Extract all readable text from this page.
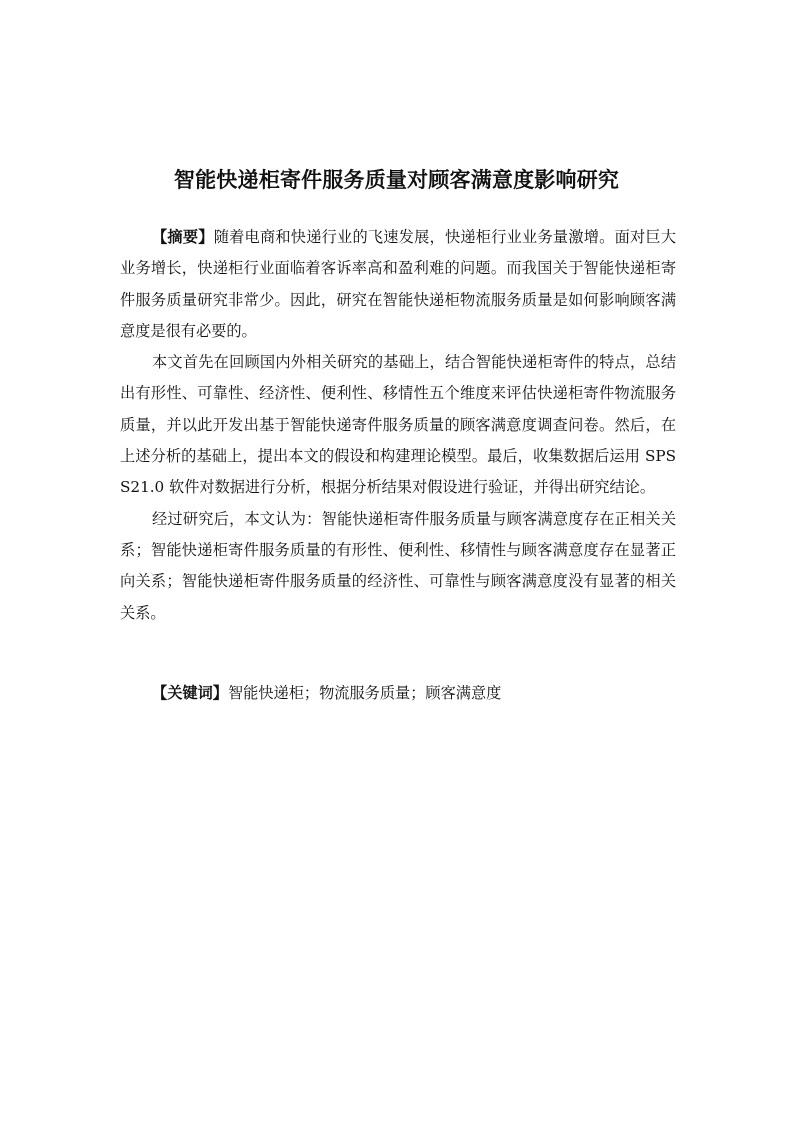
智能快递柜寄件服务质量对顾客满意度影响研究

【摘要】随着电商和快递行业的飞速发展，快递柜行业业务量激增。面对巨大业务增长，快递柜行业面临着客诉率高和盈利难的问题。而我国关于智能快递柜寄件服务质量研究非常少。因此，研究在智能快递柜物流服务质量是如何影响顾客满意度是很有必要的。

本文首先在回顾国内外相关研究的基础上，结合智能快递柜寄件的特点，总结出有形性、可靠性、经济性、便利性、移情性五个维度来评估快递柜寄件物流服务质量，并以此开发出基于智能快递寄件服务质量的顾客满意度调查问卷。然后，在上述分析的基础上，提出本文的假设和构建理论模型。最后，收集数据后运用 SPSS21.0 软件对数据进行分析，根据分析结果对假设进行验证，并得出研究结论。

经过研究后，本文认为：智能快递柜寄件服务质量与顾客满意度存在正相关关系；智能快递柜寄件服务质量的有形性、便利性、移情性与顾客满意度存在显著正向关系；智能快递柜寄件服务质量的经济性、可靠性与顾客满意度没有显著的相关关系。

【关键词】智能快递柜；物流服务质量；顾客满意度
